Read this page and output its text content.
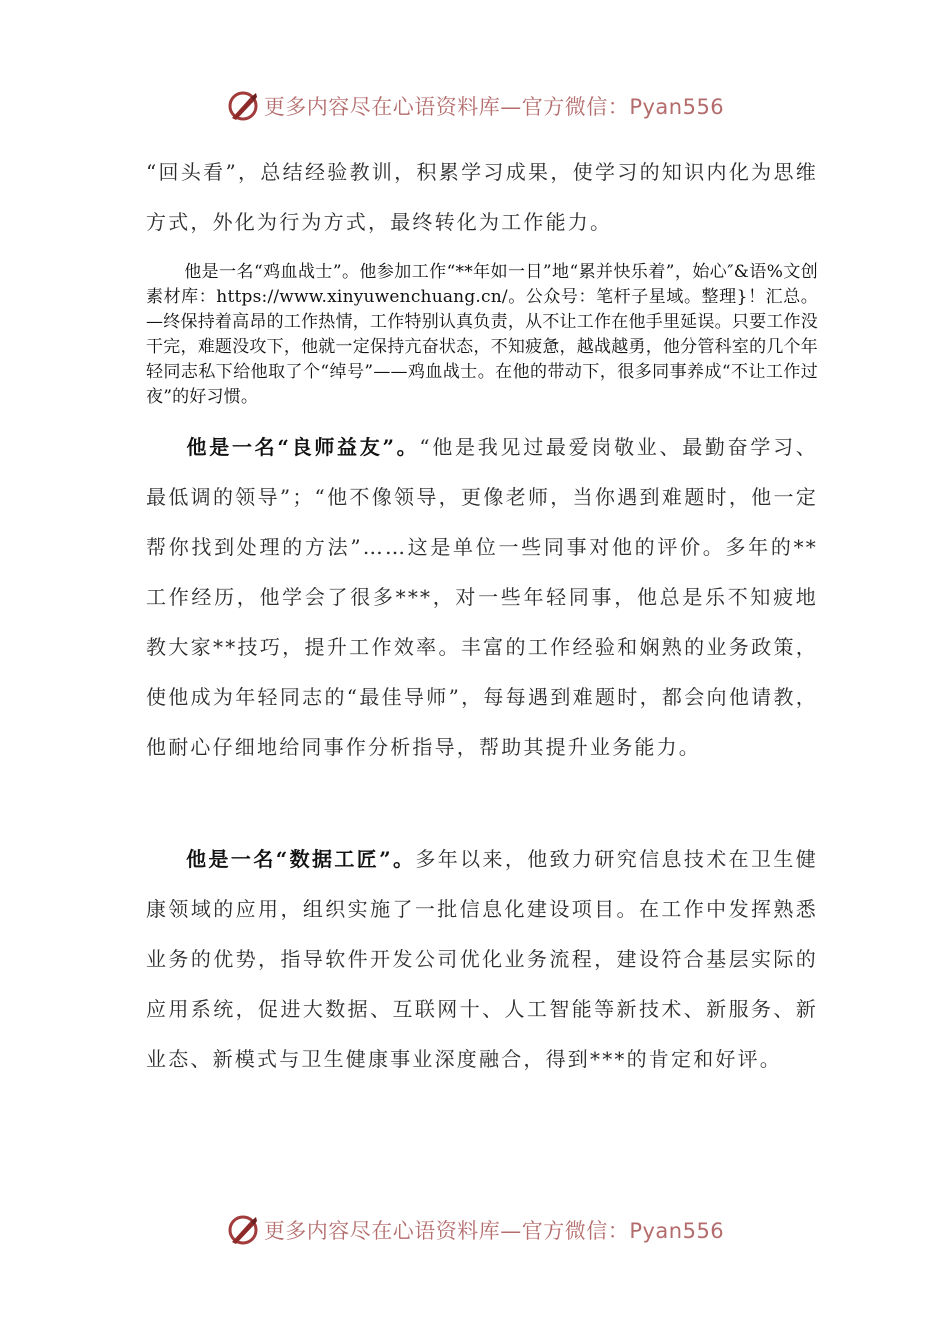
更多内容尽在心语资料库—官方微信：Pyan556

“回头看”，总结经验教训，积累学习成果，使学习的知识内化为思维方式，外化为行为方式，最终转化为工作能力。

他是一名“鸡血战士”。他参加工作“**年如一日”地“累并快乐着”，始心″&语%文创素材库：https://www.xinyuwenchuang.cn/。公众号：笔杆子星域。整理}！汇总。—终保持着高昂的工作热情，工作特别认真负责，从不让工作在他手里延误。只要工作没干完，难题没攻下，他就一定保持亢奋状态，不知疲惫，越战越勇，他分管科室的几个年轻同志私下给他取了个“绰号”——鸡血战士。在他的带动下，很多同事养成“不让工作过夜”的好习惯。

他是一名“良师益友”。“他是我见过最爱岗敬业、最勤奋学习、最低调的领导”；“他不像领导，更像老师，当你遇到难题时，他一定帮你找到处理的方法”……这是单位一些同事对他的评价。多年的**工作经历，他学会了很多***，对一些年轻同事，他总是乐不知疲地教大家**技巧，提升工作效率。丰富的工作经验和娴熟的业务政策，使他成为年轻同志的“最佳导师”，每每遇到难题时，都会向他请教，他耐心仔细地给同事作分析指导，帮助其提升业务能力。

他是一名“数据工匠”。多年以来，他致力研究信息技术在卫生健康领域的应用，组织实施了一批信息化建设项目。在工作中发挥熟悉业务的优势，指导软件开发公司优化业务流程，建设符合基层实际的应用系统，促进大数据、互联网十、人工智能等新技术、新服务、新业态、新模式与卫生健康事业深度融合，得到***的肯定和好评。

更多内容尽在心语资料库—官方微信：Pyan556
